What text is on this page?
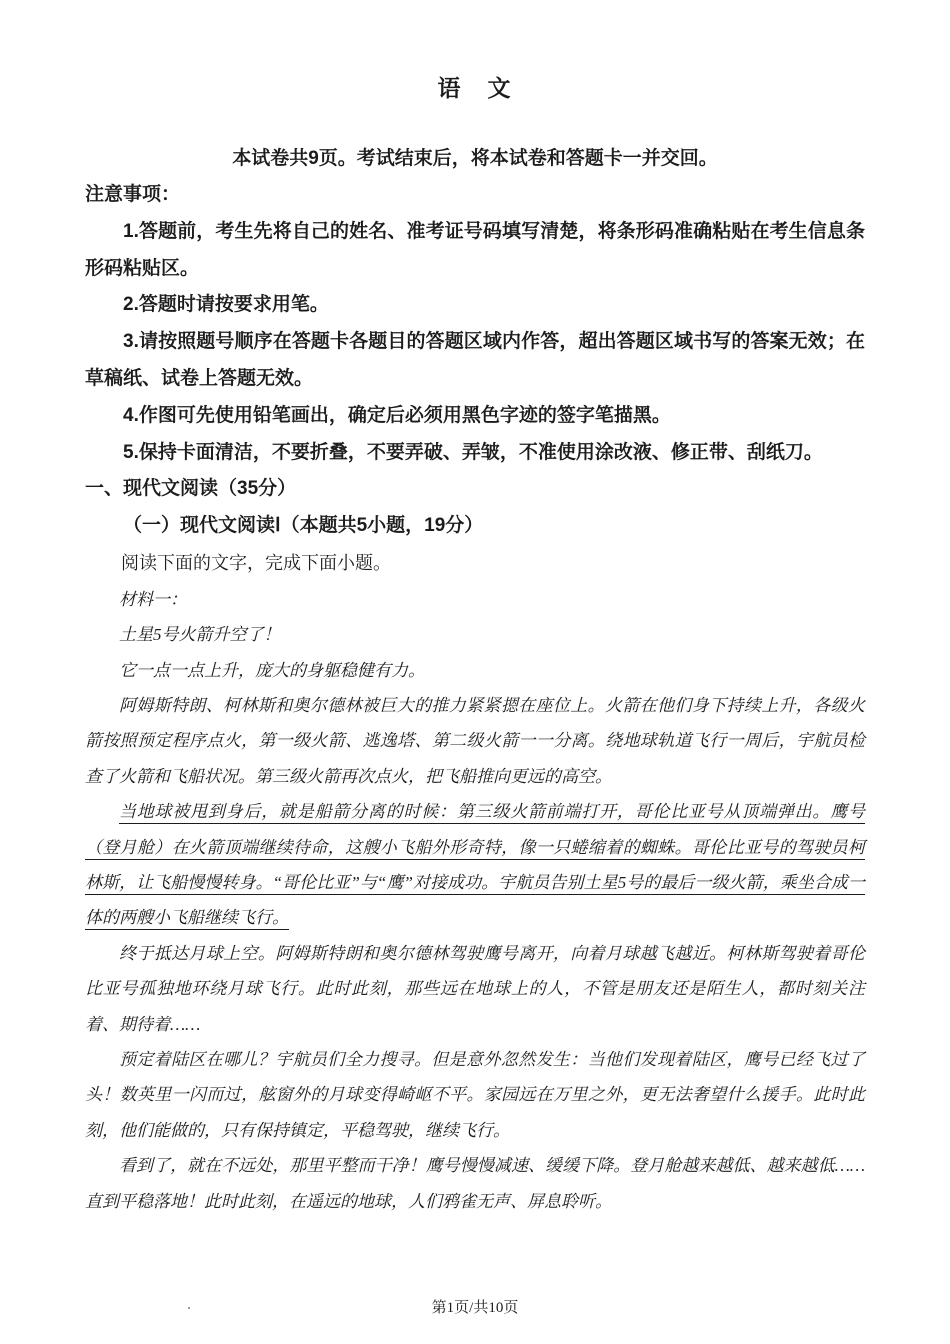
语　文

本试卷共9页。考试结束后，将本试卷和答题卡一并交回。

注意事项：

1.答题前，考生先将自己的姓名、准考证号码填写清楚，将条形码准确粘贴在考生信息条形码粘贴区。

2.答题时请按要求用笔。

3.请按照题号顺序在答题卡各题目的答题区域内作答，超出答题区域书写的答案无效；在草稿纸、试卷上答题无效。

4.作图可先使用铅笔画出，确定后必须用黑色字迹的签字笔描黑。

5.保持卡面清洁，不要折叠，不要弄破、弄皱，不准使用涂改液、修正带、刮纸刀。

一、现代文阅读（35分）

（一）现代文阅读Ⅰ（本题共5小题，19分）

阅读下面的文字，完成下面小题。

材料一：

土星5号火箭升空了！

它一点一点上升，庞大的身躯稳健有力。

阿姆斯特朗、柯林斯和奥尔德林被巨大的推力紧紧摁在座位上。火箭在他们身下持续上升，各级火箭按照预定程序点火，第一级火箭、逃逸塔、第二级火箭一一分离。绕地球轨道飞行一周后，宇航员检查了火箭和飞船状况。第三级火箭再次点火，把飞船推向更远的高空。

当地球被甩到身后，就是船箭分离的时候：第三级火箭前端打开，哥伦比亚号从顶端弹出。鹰号（登月舱）在火箭顶端继续待命，这艘小飞船外形奇特，像一只蜷缩着的蜘蛛。哥伦比亚号的驾驶员柯林斯，让飞船慢慢转身。“哥伦比亚”与“鹰”对接成功。宇航员告别土星5号的最后一级火箭，乘坐合成一体的两艘小飞船继续飞行。

终于抵达月球上空。阿姆斯特朗和奥尔德林驾驶鹰号离开，向着月球越飞越近。柯林斯驾驶着哥伦比亚号孤独地环绕月球飞行。此时此刻，那些远在地球上的人，不管是朋友还是陌生人，都时刻关注着、期待着……

预定着陆区在哪儿？宇航员们全力搜寻。但是意外忽然发生：当他们发现着陆区，鹰号已经飞过了头！数英里一闪而过，舷窗外的月球变得崎岖不平。家园远在万里之外，更无法奢望什么援手。此时此刻，他们能做的，只有保持镇定，平稳驾驶，继续飞行。

看到了，就在不远处，那里平整而干净！鹰号慢慢减速、缓缓下降。登月舱越来越低、越来越低……直到平稳落地！此时此刻，在遥远的地球，人们鸦雀无声、屏息聆听。

第1页/共10页
